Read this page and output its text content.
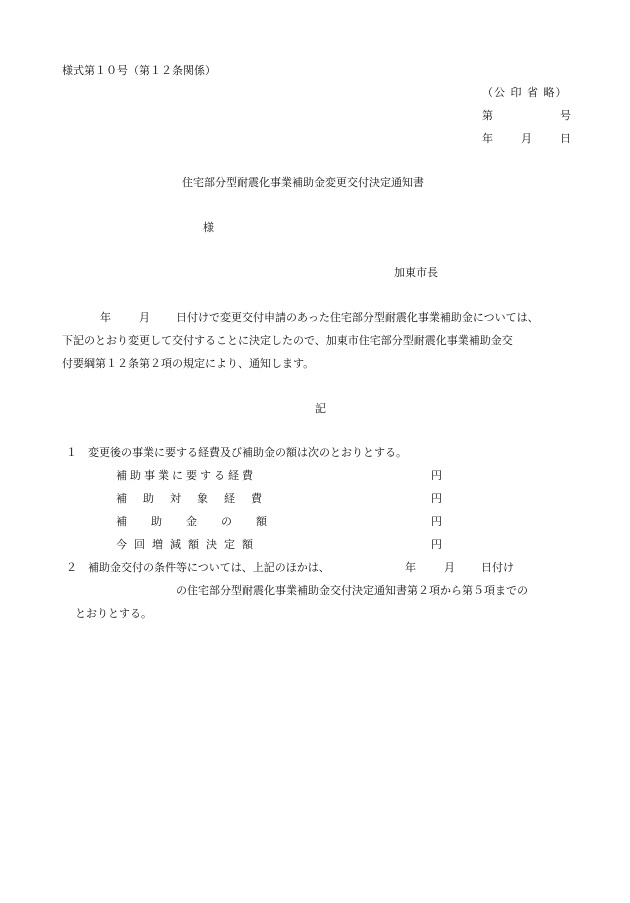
様式第１０号（第１２条関係）
（公 印 省 略）
第	号
年	月	日
住宅部分型耐震化事業補助金変更交付決定通知書
様
加東市長
年	月 日付けで変更交付申請のあった住宅部分型耐震化事業補助金については、
下記のとおり変更して交付することに決定したので、加東市住宅部分型耐震化事業補助金交
付要綱第１２条第２項の規定により、通知します。
記
１ 変更後の事業に要する経費及び補助金の額は次のとおりとする。
補助事業に要する経費	円
補助対象経費	円
補助金の額	円
今回増減額決定額	円
２ 補助金交付の条件等については、上記のほかは、	年	月 日付け
の住宅部分型耐震化事業補助金交付決定通知書第２項から第５項までの
とおりとする。
